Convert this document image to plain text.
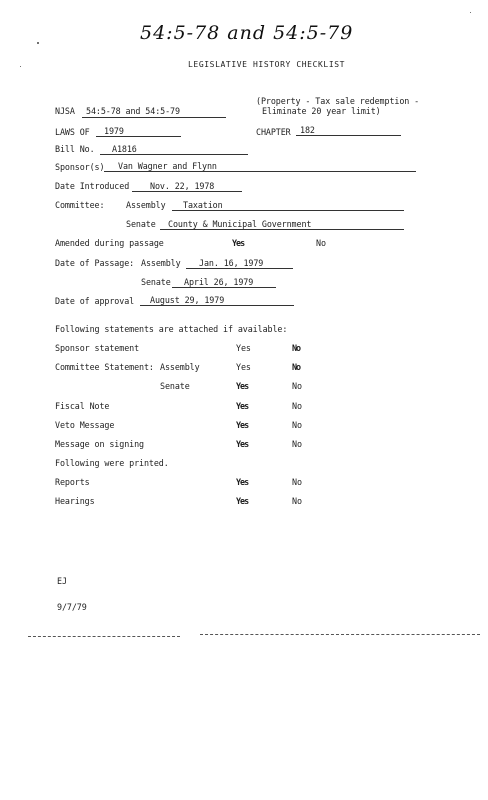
54:5-78 and 54:5-79
LEGISLATIVE HISTORY CHECKLIST
NJSA 54:5-78 and 54:5-79
(Property - Tax sale redemption -
Eliminate 20 year limit)
LAWS OF 1979	CHAPTER 182
Bill No. A1816
Sponsor(s) Van Wagner and Flynn
Date Introduced Nov. 22, 1978
Committee:	Assembly Taxation
Senate County & Municipal Government
Amended during passage	Yes	No
Date of Passage: Assembly Jan. 16, 1979
Senate April 26, 1979
Date of approval August 29, 1979
Following statements are attached if available:
Sponsor statement	Yes	No
Committee Statement: Assembly	Yes	No
Senate	Yes	No
Fiscal Note	Yes	No
Veto Message	Yes	No
Message on signing	Yes	No
Following were printed.
Reports	Yes	No
Hearings	Yes	No
EJ
9/7/79
